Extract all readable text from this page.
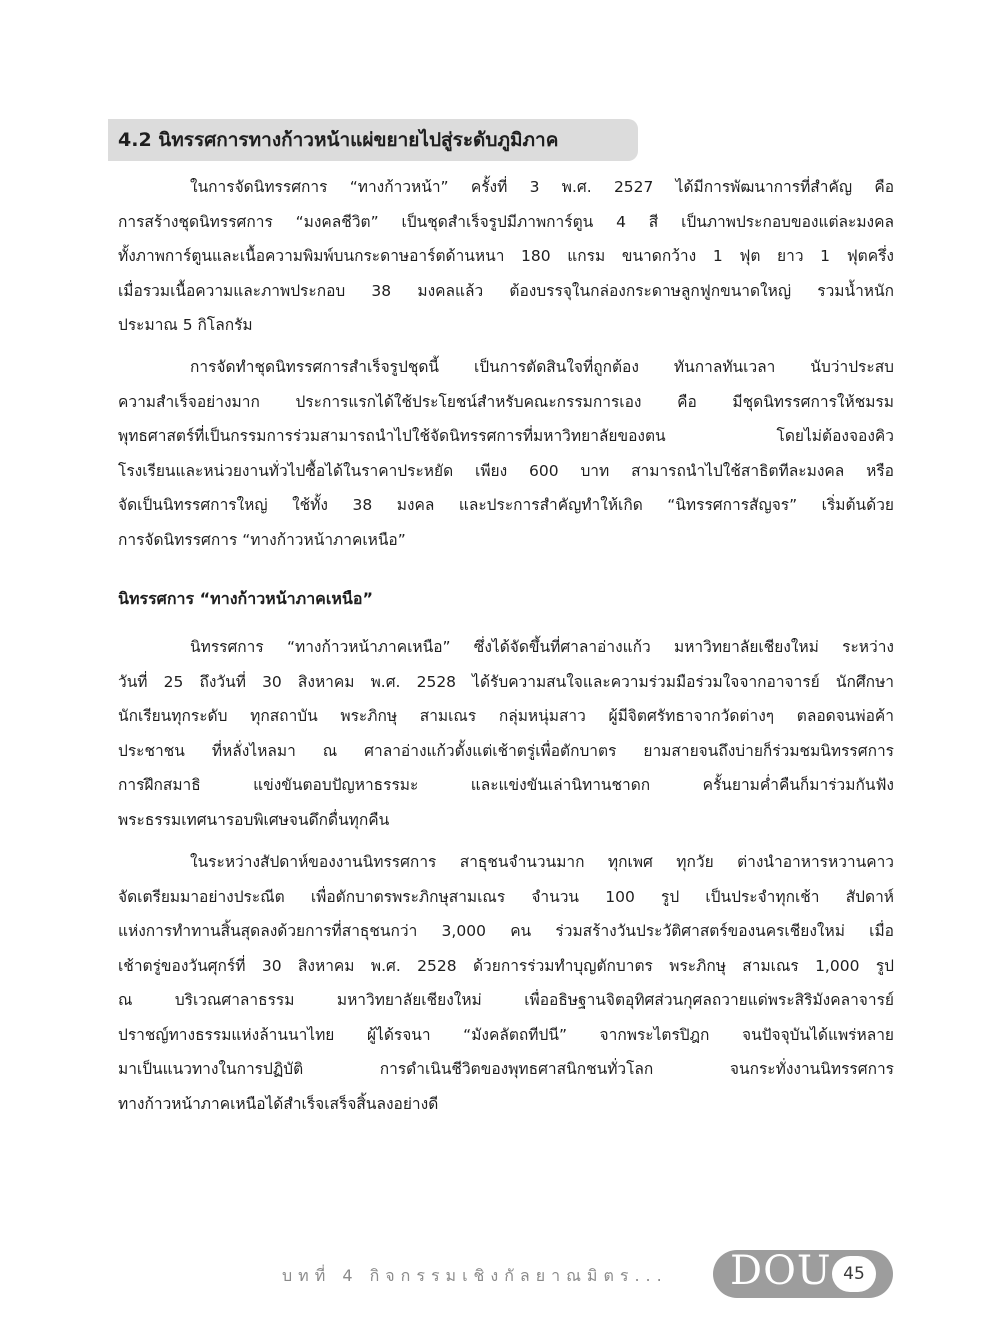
4.2 นิทรรศการทางก้าวหน้าแผ่ขยายไปสู่ระดับภูมิภาค
ในการจัดนิทรรศการ “ทางก้าวหน้า” ครั้งที่ 3 พ.ศ. 2527 ได้มีการพัฒนาการที่สำคัญ คือ
การสร้างชุดนิทรรศการ “มงคลชีวิต” เป็นชุดสำเร็จรูปมีภาพการ์ตูน 4 สี เป็นภาพประกอบของแต่ละมงคล
ทั้งภาพการ์ตูนและเนื้อความพิมพ์บนกระดาษอาร์ตด้านหนา 180 แกรม ขนาดกว้าง 1 ฟุต ยาว 1 ฟุตครึ่ง
เมื่อรวมเนื้อความและภาพประกอบ 38 มงคลแล้ว ต้องบรรจุในกล่องกระดาษลูกฟูกขนาดใหญ่ รวมน้ำหนัก
ประมาณ 5 กิโลกรัม
การจัดทำชุดนิทรรศการสำเร็จรูปชุดนี้ เป็นการตัดสินใจที่ถูกต้อง ทันกาลทันเวลา นับว่าประสบ
ความสำเร็จอย่างมาก ประการแรกได้ใช้ประโยชน์สำหรับคณะกรรมการเอง คือ มีชุดนิทรรศการให้ชมรม
พุทธศาสตร์ที่เป็นกรรมการร่วมสามารถนำไปใช้จัดนิทรรศการที่มหาวิทยาลัยของตน โดยไม่ต้องจองคิว
โรงเรียนและหน่วยงานทั่วไปซื้อได้ในราคาประหยัด เพียง 600 บาท สามารถนำไปใช้สาธิตทีละมงคล หรือ
จัดเป็นนิทรรศการใหญ่ ใช้ทั้ง 38 มงคล และประการสำคัญทำให้เกิด “นิทรรศการสัญจร” เริ่มต้นด้วย
การจัดนิทรรศการ “ทางก้าวหน้าภาคเหนือ”
นิทรรศการ “ทางก้าวหน้าภาคเหนือ”
นิทรรศการ “ทางก้าวหน้าภาคเหนือ” ซึ่งได้จัดขึ้นที่ศาลาอ่างแก้ว มหาวิทยาลัยเชียงใหม่ ระหว่าง
วันที่ 25 ถึงวันที่ 30 สิงหาคม พ.ศ. 2528 ได้รับความสนใจและความร่วมมือร่วมใจจากอาจารย์ นักศึกษา
นักเรียนทุกระดับ ทุกสถาบัน พระภิกษุ สามเณร กลุ่มหนุ่มสาว ผู้มีจิตศรัทธาจากวัดต่างๆ ตลอดจนพ่อค้า
ประชาชน ที่หลั่งไหลมา ณ ศาลาอ่างแก้วตั้งแต่เช้าตรู่เพื่อตักบาตร ยามสายจนถึงบ่ายก็ร่วมชมนิทรรศการ
การฝึกสมาธิ แข่งขันตอบปัญหาธรรมะ และแข่งขันเล่านิทานชาดก ครั้นยามค่ำคืนก็มาร่วมกันฟัง
พระธรรมเทศนารอบพิเศษจนดึกดื่นทุกคืน
ในระหว่างสัปดาห์ของงานนิทรรศการ สาธุชนจำนวนมาก ทุกเพศ ทุกวัย ต่างนำอาหารหวานคาว
จัดเตรียมมาอย่างประณีต เพื่อตักบาตรพระภิกษุสามเณร จำนวน 100 รูป เป็นประจำทุกเช้า สัปดาห์
แห่งการทำทานสิ้นสุดลงด้วยการที่สาธุชนกว่า 3,000 คน ร่วมสร้างวันประวัติศาสตร์ของนครเชียงใหม่ เมื่อ
เช้าตรู่ของวันศุกร์ที่ 30 สิงหาคม พ.ศ. 2528 ด้วยการร่วมทำบุญตักบาตร พระภิกษุ สามเณร 1,000 รูป
ณ บริเวณศาลาธรรม มหาวิทยาลัยเชียงใหม่ เพื่ออธิษฐานจิตอุทิศส่วนกุศลถวายแด่พระสิริมังคลาจารย์
ปราชญ์ทางธรรมแห่งล้านนาไทย ผู้ได้รจนา “มังคลัตถทีปนี” จากพระไตรปิฎก จนปัจจุบันได้แพร่หลาย
มาเป็นแนวทางในการปฏิบัติ การดำเนินชีวิตของพุทธศาสนิกชนทั่วโลก จนกระทั่งงานนิทรรศการ
ทางก้าวหน้าภาคเหนือได้สำเร็จเสร็จสิ้นลงอย่างดี
บทที่ 4 กิจกรรมเชิงกัลยาณมิตร... DOU 45
